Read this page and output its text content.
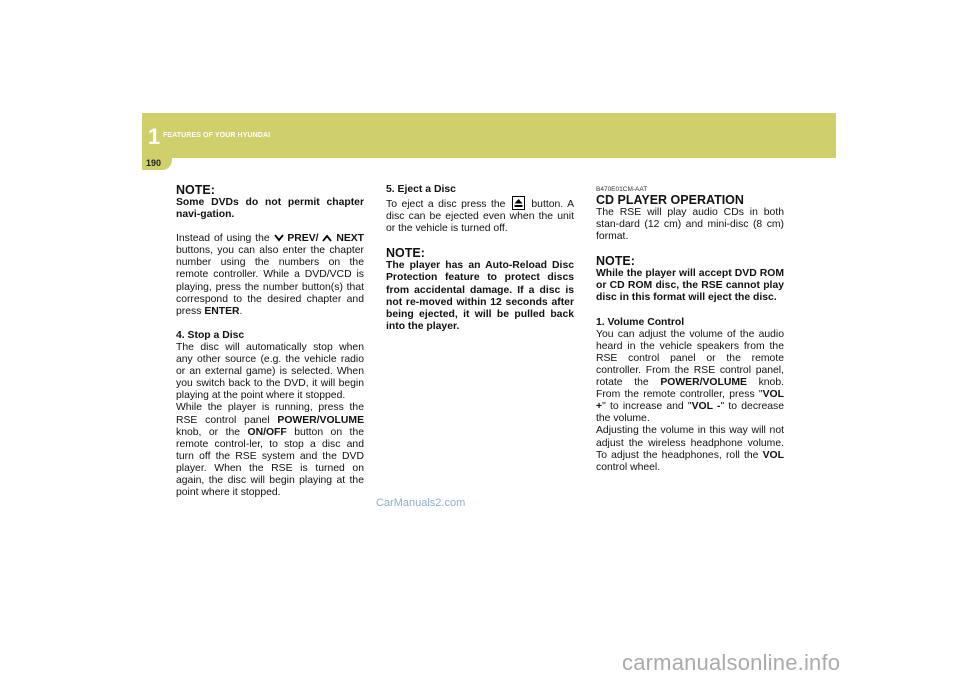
1 FEATURES OF YOUR HYUNDAI
190
NOTE:
Some DVDs do not permit chapter navi-gation.
Instead of using the PREV/ NEXT buttons, you can also enter the chapter number using the numbers on the remote controller. While a DVD/VCD is playing, press the number button(s) that correspond to the desired chapter and press ENTER.
4. Stop a Disc
The disc will automatically stop when any other source (e.g. the vehicle radio or an external game) is selected. When you switch back to the DVD, it will begin playing at the point where it stopped.
While the player is running, press the RSE control panel POWER/VOLUME knob, or the ON/OFF button on the remote control-ler, to stop a disc and turn off the RSE system and the DVD player. When the RSE is turned on again, the disc will begin playing at the point where it stopped.
5. Eject a Disc
To eject a disc press the button. A disc can be ejected even when the unit or the vehicle is turned off.
NOTE:
The player has an Auto-Reload Disc Protection feature to protect discs from accidental damage. If a disc is not re-moved within 12 seconds after being ejected, it will be pulled back into the player.
B470E01CM-AAT
CD PLAYER OPERATION
The RSE will play audio CDs in both stan-dard (12 cm) and mini-disc (8 cm) format.
NOTE:
While the player will accept DVD ROM or CD ROM disc, the RSE cannot play disc in this format will eject the disc.
1. Volume Control
You can adjust the volume of the audio heard in the vehicle speakers from the RSE control panel or the remote controller. From the RSE control panel, rotate the POWER/VOLUME knob. From the remote controller, press "VOL +" to increase and "VOL -" to decrease the volume.
Adjusting the volume in this way will not adjust the wireless headphone volume. To adjust the headphones, roll the VOL control wheel.
CarManuals2.com
carmanualsonline.info
